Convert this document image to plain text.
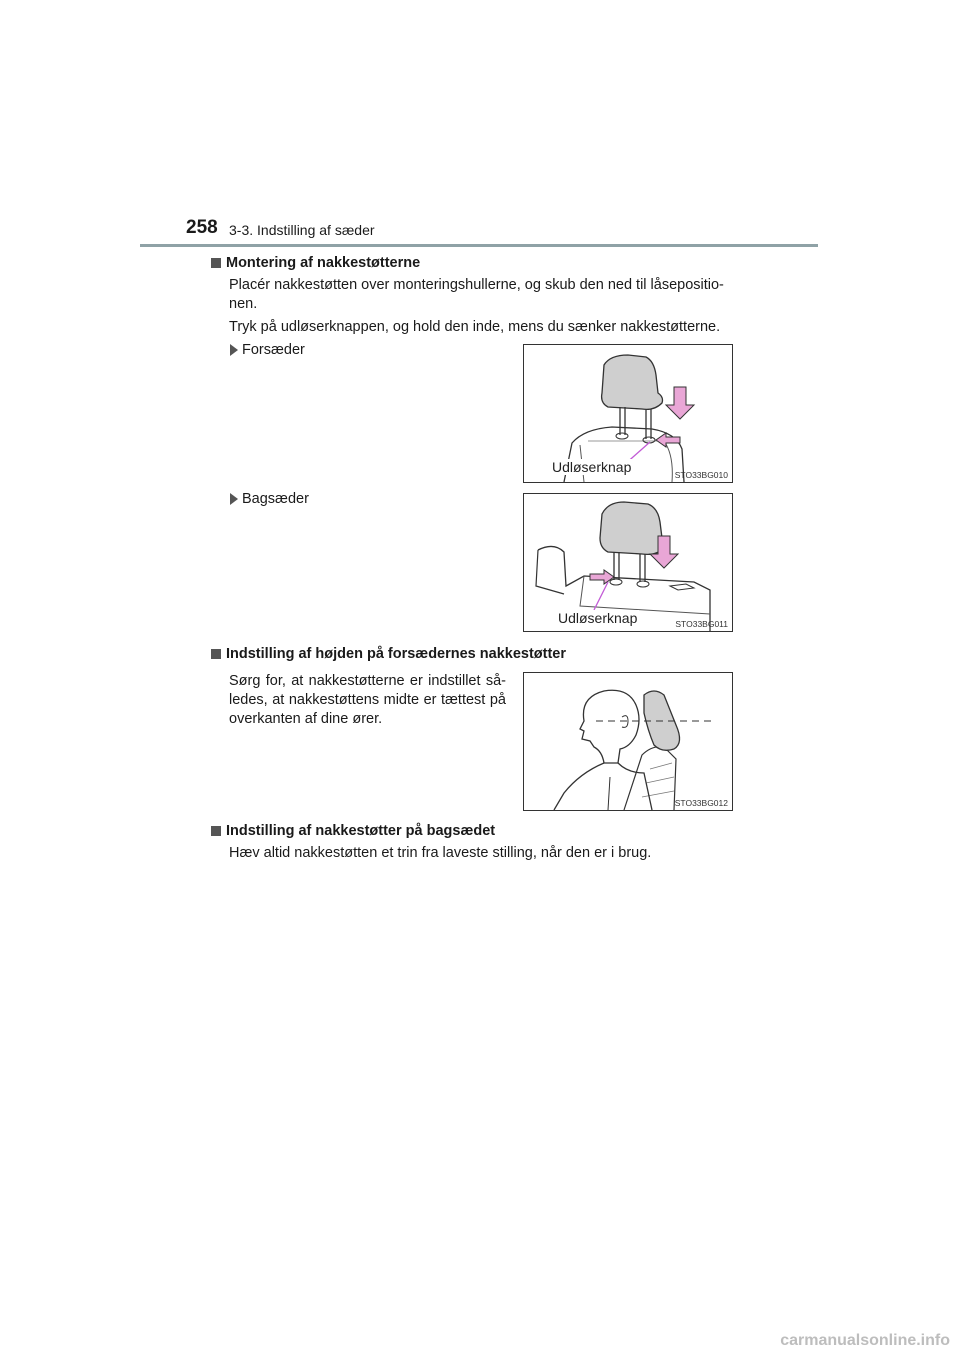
258 3-3. Indstilling af sæder
Montering af nakkestøtterne
Placér nakkestøtten over monteringshullerne, og skub den ned til låsepositio-
nen.
Tryk på udløserknappen, og hold den inde, mens du sænker nakkestøtterne.
Forsæder
Udløserknap	STO33BG010
Bagsæder
Udløserknap	STO33BG011
Indstilling af højden på forsædernes nakkestøtter
Sørg for, at nakkestøtterne er indstillet så-ledes, at nakkestøttens midte er tættest på overkanten af dine ører.
STO33BG012
Indstilling af nakkestøtter på bagsædet
Hæv altid nakkestøtten et trin fra laveste stilling, når den er i brug.
carmanualsonline.info
